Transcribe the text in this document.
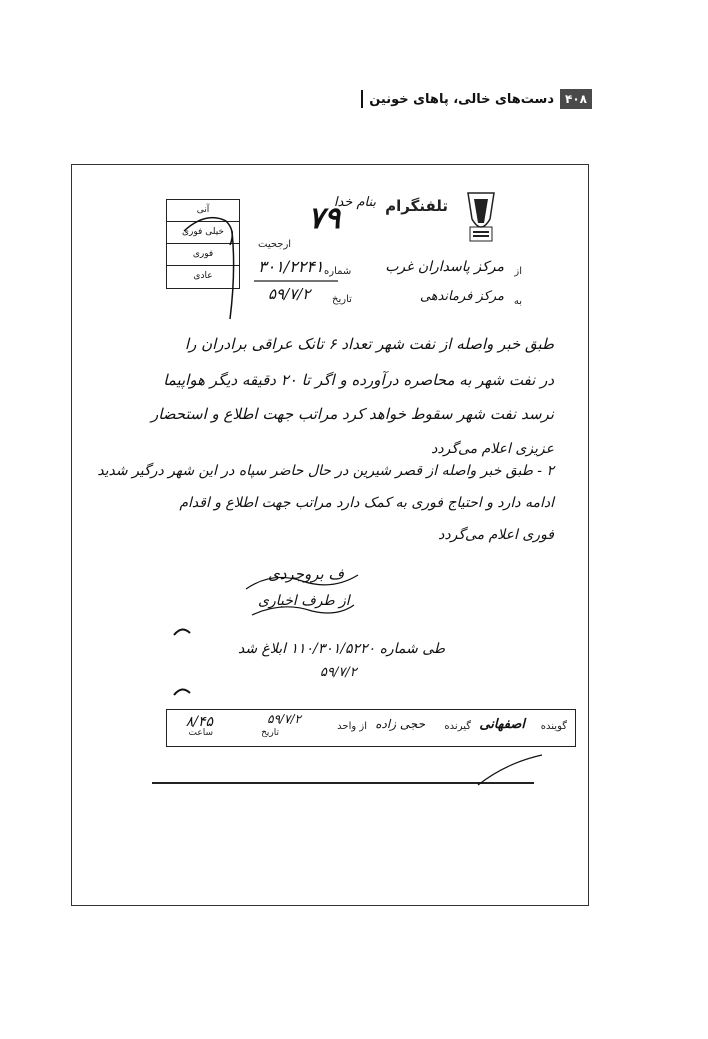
۴۰۸
دست‌های خالی، پاهای خونین
تلفنگرام
بنام خدا
۷۹
آنی
خیلی فوری
فوری
عادی
ارجحیت
از
مرکز پاسداران غرب
شماره
۳۰۱/۲۲۴۱
به
مرکز فرماندهی
تاریخ
۵۹/۷/۲
طبق خبر واصله از نفت شهر تعداد ۶ تانک عراقی برادران را
در نفت شهر به محاصره درآورده و اگر تا ۲۰ دقیقه دیگر هواپیما
نرسد نفت شهر سقوط خواهد کرد مراتب جهت اطلاع و استحضار
عزیزی اعلام می‌گردد
۲ - طبق خبر واصله از قصر شیرین در حال حاضر سپاه در این شهر درگیر شدید
ادامه دارد و احتیاج فوری به کمک دارد مراتب جهت اطلاع و اقدام
فوری اعلام می‌گردد
ف بروجردی
از طرف اخباری
طی شماره ۱۱۰/۳۰۱/۵۲۲۰ ابلاغ شد
۵۹/۷/۲
گوینده
اصفهانی
گیرنده
حجی زاده
از واحد
تاریخ
۵۹/۷/۲
ساعت
۸/۴۵
